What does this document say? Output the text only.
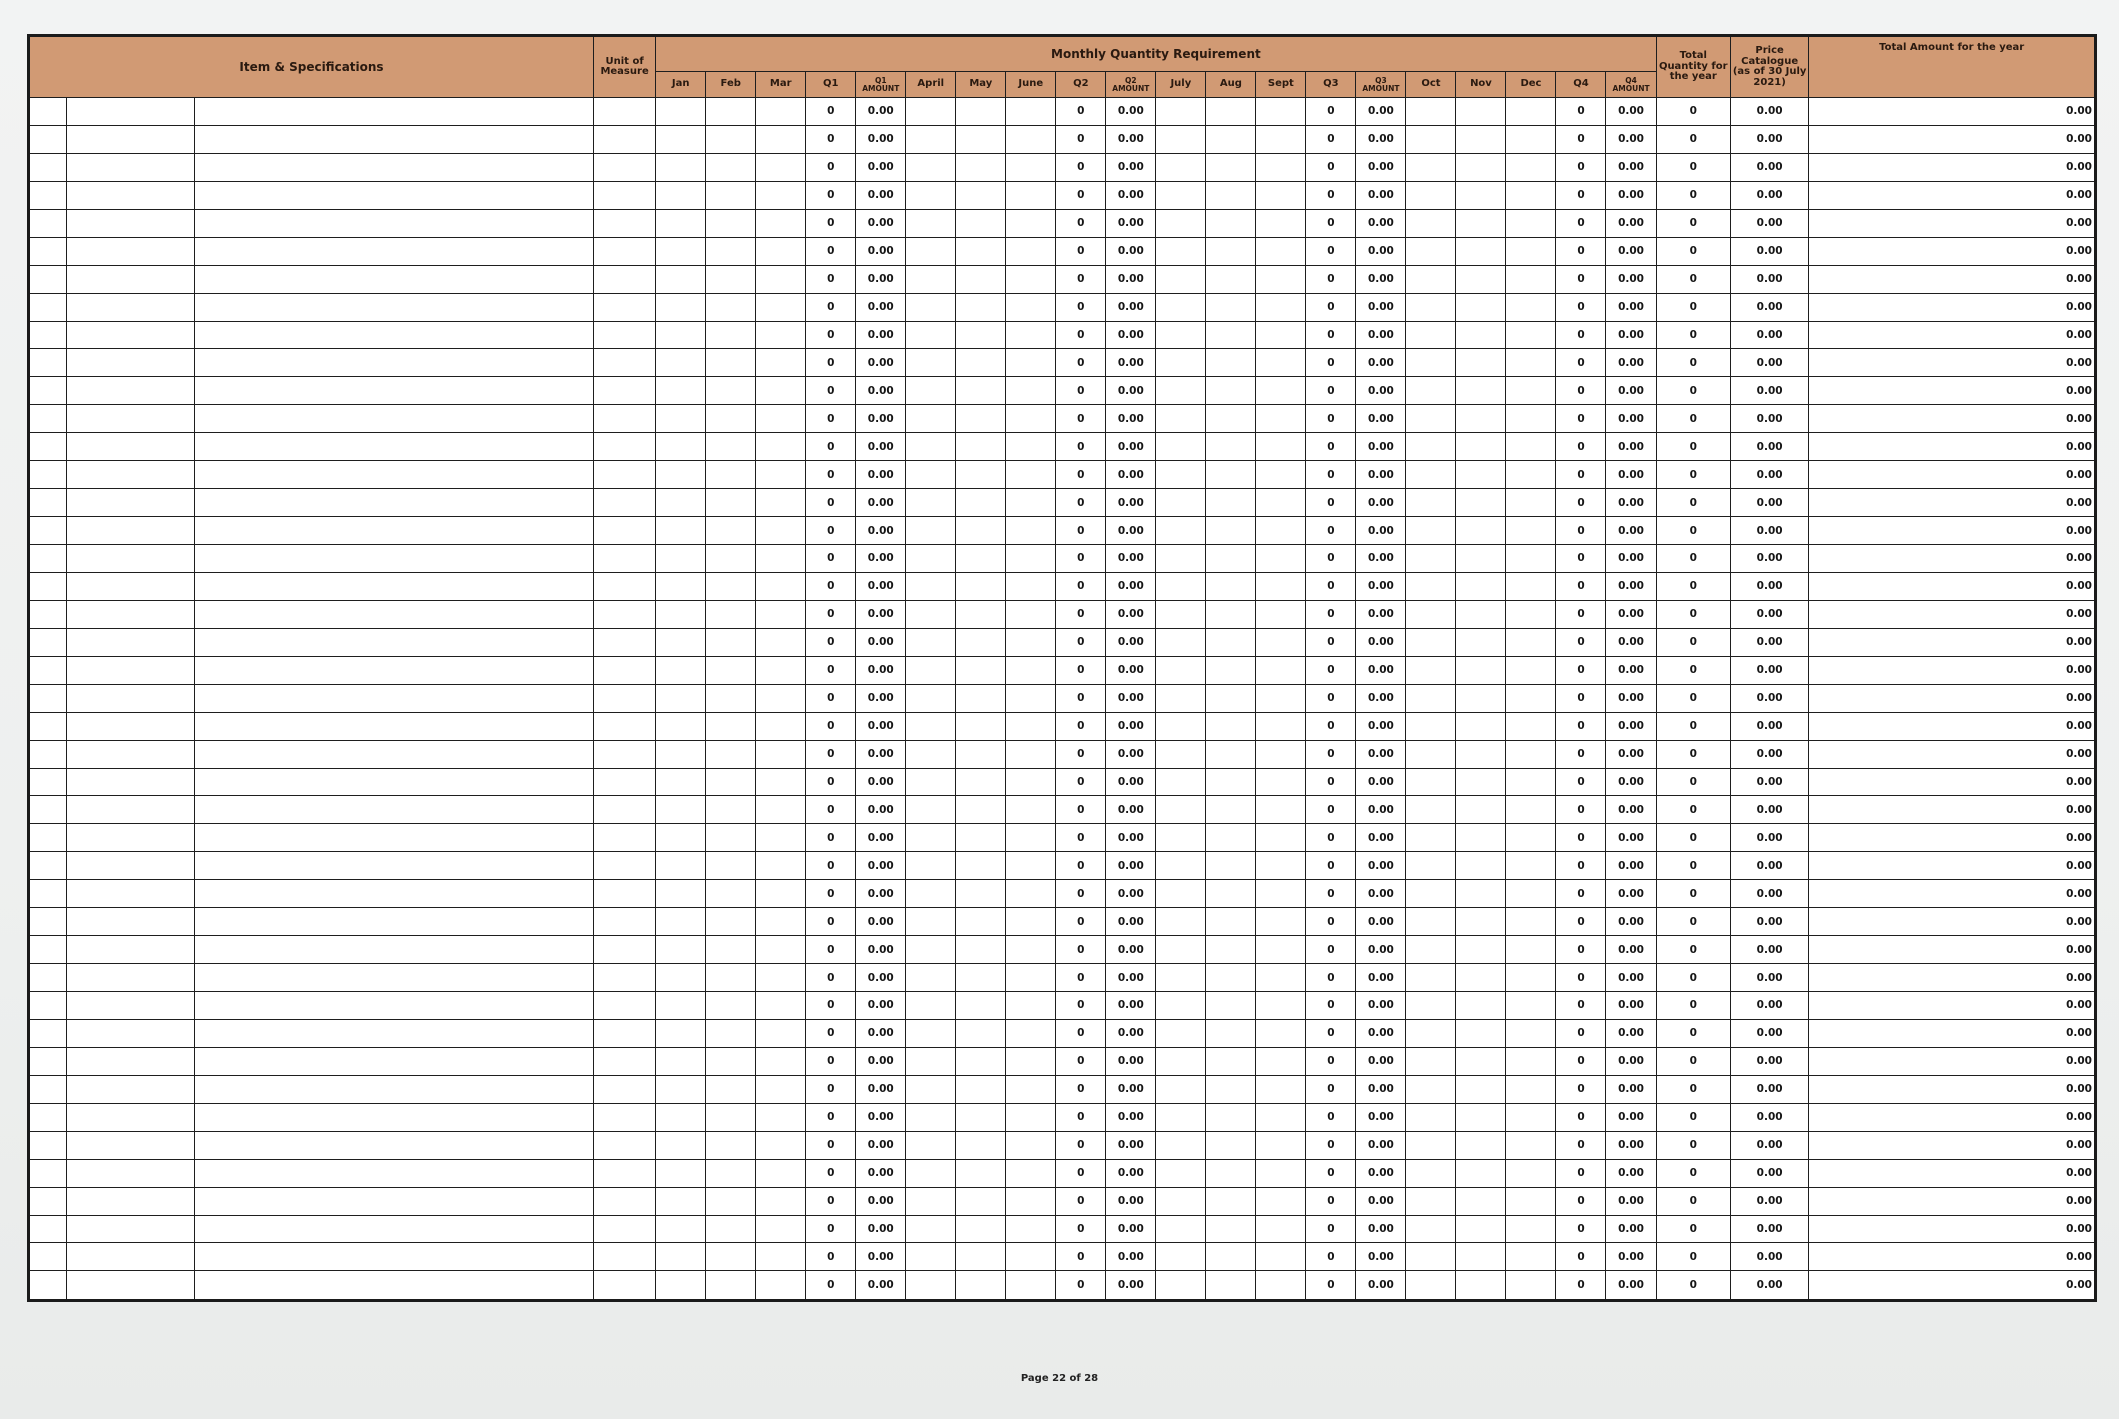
Item & Specifications			Unit of Measure	Monthly Quantity Requirement																				Total Quantity for the year	Price Catalogue (as of 30 July 2021)	Total Amount for the year
				Jan	Feb	Mar	Q1	Q1 AMOUNT	April	May	June	Q2	Q2 AMOUNT	July	Aug	Sept	Q3	Q3 AMOUNT	Oct	Nov	Dec	Q4	Q4 AMOUNT			
							0	0.00				0	0.00				0	0.00				0	0.00	0	0.00	0.00
							0	0.00				0	0.00				0	0.00				0	0.00	0	0.00	0.00
							0	0.00				0	0.00				0	0.00				0	0.00	0	0.00	0.00
							0	0.00				0	0.00				0	0.00				0	0.00	0	0.00	0.00
							0	0.00				0	0.00				0	0.00				0	0.00	0	0.00	0.00
							0	0.00				0	0.00				0	0.00				0	0.00	0	0.00	0.00
							0	0.00				0	0.00				0	0.00				0	0.00	0	0.00	0.00
							0	0.00				0	0.00				0	0.00				0	0.00	0	0.00	0.00
							0	0.00				0	0.00				0	0.00				0	0.00	0	0.00	0.00
							0	0.00				0	0.00				0	0.00				0	0.00	0	0.00	0.00
							0	0.00				0	0.00				0	0.00				0	0.00	0	0.00	0.00
							0	0.00				0	0.00				0	0.00				0	0.00	0	0.00	0.00
							0	0.00				0	0.00				0	0.00				0	0.00	0	0.00	0.00
							0	0.00				0	0.00				0	0.00				0	0.00	0	0.00	0.00
							0	0.00				0	0.00				0	0.00				0	0.00	0	0.00	0.00
							0	0.00				0	0.00				0	0.00				0	0.00	0	0.00	0.00
							0	0.00				0	0.00				0	0.00				0	0.00	0	0.00	0.00
							0	0.00				0	0.00				0	0.00				0	0.00	0	0.00	0.00
							0	0.00				0	0.00				0	0.00				0	0.00	0	0.00	0.00
							0	0.00				0	0.00				0	0.00				0	0.00	0	0.00	0.00
							0	0.00				0	0.00				0	0.00				0	0.00	0	0.00	0.00
							0	0.00				0	0.00				0	0.00				0	0.00	0	0.00	0.00
							0	0.00				0	0.00				0	0.00				0	0.00	0	0.00	0.00
							0	0.00				0	0.00				0	0.00				0	0.00	0	0.00	0.00
							0	0.00				0	0.00				0	0.00				0	0.00	0	0.00	0.00
							0	0.00				0	0.00				0	0.00				0	0.00	0	0.00	0.00
							0	0.00				0	0.00				0	0.00				0	0.00	0	0.00	0.00
							0	0.00				0	0.00				0	0.00				0	0.00	0	0.00	0.00
							0	0.00				0	0.00				0	0.00				0	0.00	0	0.00	0.00
							0	0.00				0	0.00				0	0.00				0	0.00	0	0.00	0.00
							0	0.00				0	0.00				0	0.00				0	0.00	0	0.00	0.00
							0	0.00				0	0.00				0	0.00				0	0.00	0	0.00	0.00
							0	0.00				0	0.00				0	0.00				0	0.00	0	0.00	0.00
							0	0.00				0	0.00				0	0.00				0	0.00	0	0.00	0.00
							0	0.00				0	0.00				0	0.00				0	0.00	0	0.00	0.00
							0	0.00				0	0.00				0	0.00				0	0.00	0	0.00	0.00
							0	0.00				0	0.00				0	0.00				0	0.00	0	0.00	0.00
							0	0.00				0	0.00				0	0.00				0	0.00	0	0.00	0.00
							0	0.00				0	0.00				0	0.00				0	0.00	0	0.00	0.00
							0	0.00				0	0.00				0	0.00				0	0.00	0	0.00	0.00
							0	0.00				0	0.00				0	0.00				0	0.00	0	0.00	0.00
							0	0.00				0	0.00				0	0.00				0	0.00	0	0.00	0.00
							0	0.00				0	0.00				0	0.00				0	0.00	0	0.00	0.00
Page 22 of 28
